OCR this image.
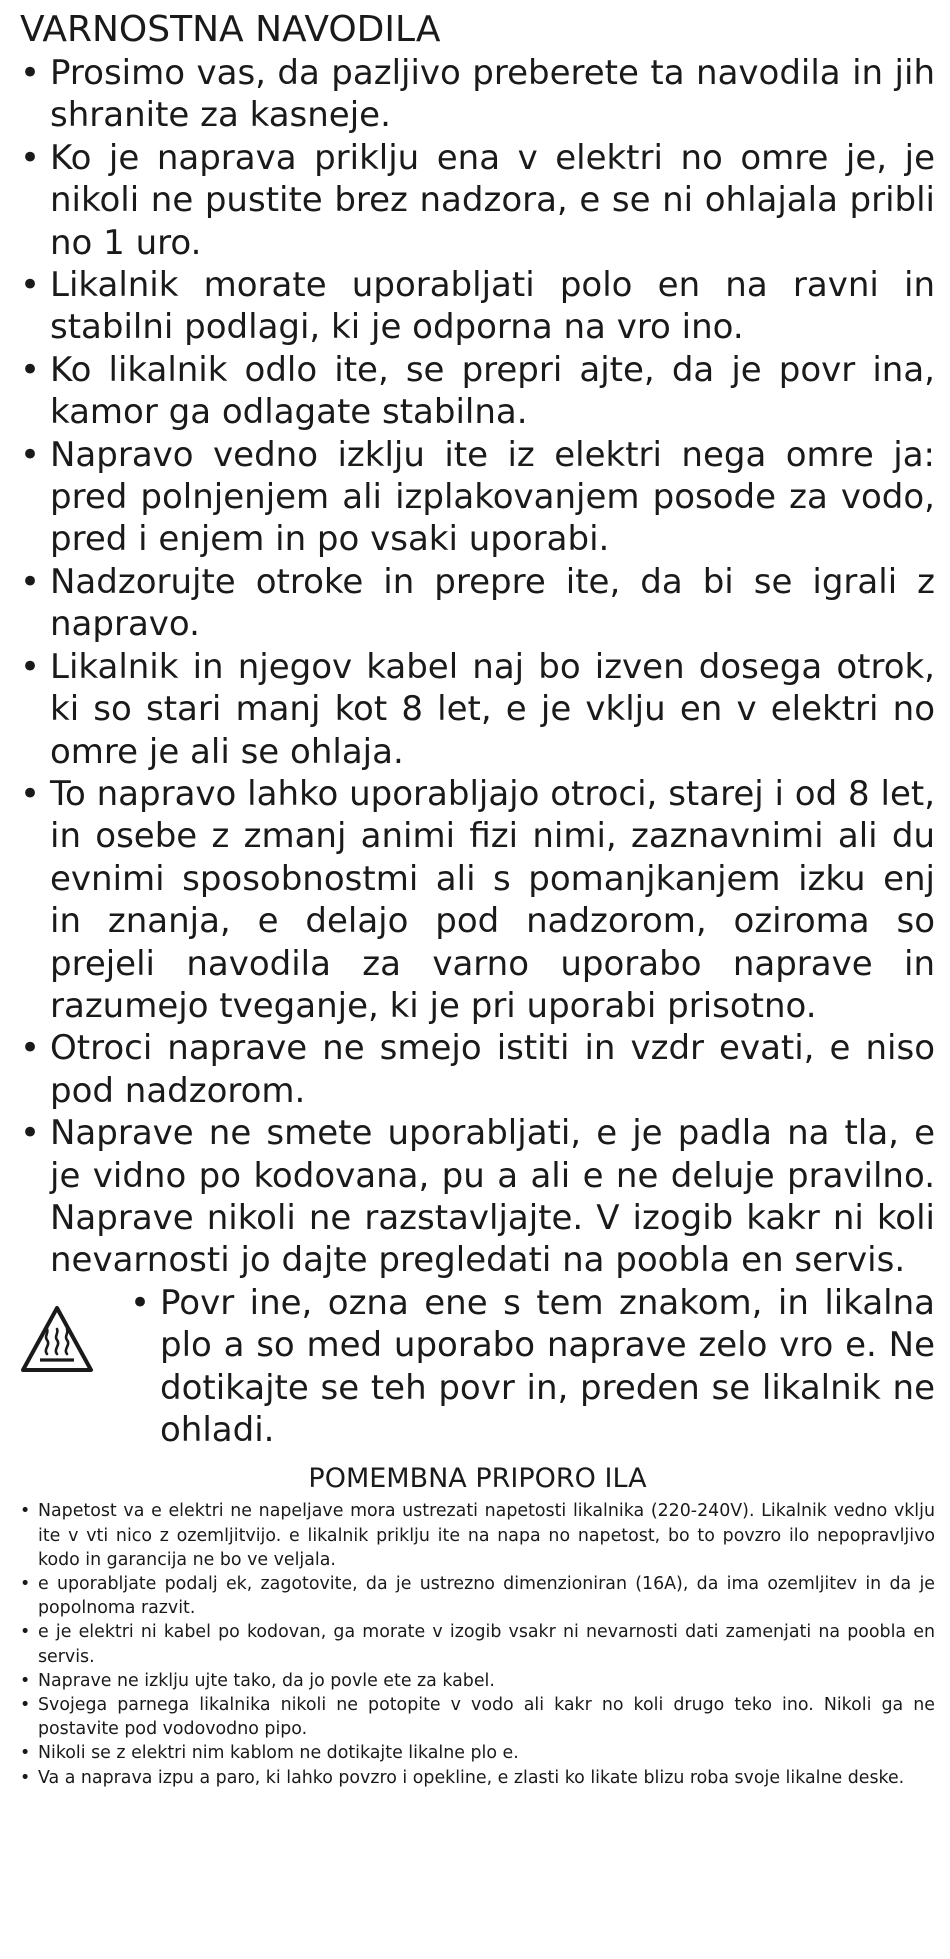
VARNOSTNA NAVODILA
• Prosimo vas, da pazljivo preberete ta navodila in jih shranite za kasneje.
• Ko je naprava priklju ena v elektri no omre je, je nikoli ne pustite brez nadzora, e se ni ohlajala pribli no 1 uro.
• Likalnik morate uporabljati polo en na ravni in stabilni podlagi, ki je odporna na vro ino.
• Ko likalnik odlo ite, se prepri ajte, da je povr ina, kamor ga odlagate stabilna.
• Napravo vedno izklju ite iz elektri nega omre ja: pred polnjenjem ali izplakovanjem posode za vodo, pred i enjem in po vsaki uporabi.
• Nadzorujte otroke in prepre ite, da bi se igrali z napravo.
• Likalnik in njegov kabel naj bo izven dosega otrok, ki so stari manj kot 8 let, e je vklju en v elektri no omre je ali se ohlaja.
• To napravo lahko uporabljajo otroci, starej i od 8 let, in osebe z zmanj animi fizi nimi, zaznavnimi ali du evnimi sposobnostmi ali s pomanjkanjem izku enj in znanja, e delajo pod nadzorom, oziroma so prejeli navodila za varno uporabo naprave in razumejo tveganje, ki je pri uporabi prisotno.
• Otroci naprave ne smejo istiti in vzdr evati, e niso pod nadzorom.
• Naprave ne smete uporabljati, e je padla na tla, e je vidno po kodovana, pu a ali e ne deluje pravilno. Naprave nikoli ne razstavljajte. V izogib kakr ni koli nevarnosti jo dajte pregledati na poobla en servis.
• Povr ine, ozna ene s tem znakom, in likalna plo a so med uporabo naprave zelo vro e. Ne dotikajte se teh povr in, preden se likalnik ne ohladi.
POMEMBNA PRIPORO ILA
• Napetost va e elektri ne napeljave mora ustrezati napetosti likalnika (220-240V). Likalnik vedno vklju ite v vti nico z ozemljitvijo. e likalnik priklju ite na napa no napetost, bo to povzro ilo nepopravljivo kodo in garancija ne bo ve veljala.
• e uporabljate podalj ek, zagotovite, da je ustrezno dimenzioniran (16A), da ima ozemljitev in da je popolnoma razvit.
• e je elektri ni kabel po kodovan, ga morate v izogib vsakr ni nevarnosti dati zamenjati na poobla en servis.
• Naprave ne izklju ujte tako, da jo povle ete za kabel.
• Svojega parnega likalnika nikoli ne potopite v vodo ali kakr no koli drugo teko ino. Nikoli ga ne postavite pod vodovodno pipo.
• Nikoli se z elektri nim kablom ne dotikajte likalne plo e.
• Va a naprava izpu a paro, ki lahko povzro i opekline, e zlasti ko likate blizu roba svoje likalne deske.
